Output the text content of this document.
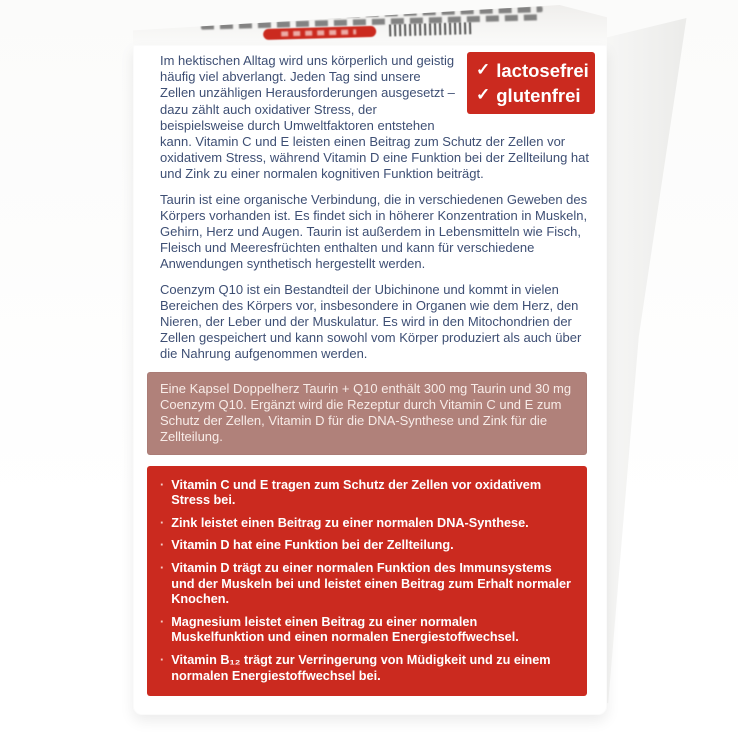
✓ lactosefrei
✓ glutenfrei

Im hektischen Alltag wird uns körperlich und geistig häufig viel abverlangt. Jeden Tag sind unsere Zellen unzähligen Herausforderungen ausgesetzt – dazu zählt auch oxidativer Stress, der beispielsweise durch Umweltfaktoren entstehen kann. Vitamin C und E leisten einen Beitrag zum Schutz der Zellen vor oxidativem Stress, während Vitamin D eine Funktion bei der Zellteilung hat und Zink zu einer normalen kognitiven Funktion beiträgt.

Taurin ist eine organische Verbindung, die in verschiedenen Geweben des Körpers vorhanden ist. Es findet sich in höherer Konzentration in Muskeln, Gehirn, Herz und Augen. Taurin ist außerdem in Lebensmitteln wie Fisch, Fleisch und Meeresfrüchten enthalten und kann für verschiedene Anwendungen synthetisch hergestellt werden.

Coenzym Q10 ist ein Bestandteil der Ubichinone und kommt in vielen Bereichen des Körpers vor, insbesondere in Organen wie dem Herz, den Nieren, der Leber und der Muskulatur. Es wird in den Mitochondrien der Zellen gespeichert und kann sowohl vom Körper produziert als auch über die Nahrung aufgenommen werden.

Eine Kapsel Doppelherz Taurin + Q10 enthält 300 mg Taurin und 30 mg Coenzym Q10. Ergänzt wird die Rezeptur durch Vitamin C und E zum Schutz der Zellen, Vitamin D für die DNA-Synthese und Zink für die Zellteilung.
· Vitamin C und E tragen zum Schutz der Zellen vor oxidativem Stress bei.
· Zink leistet einen Beitrag zu einer normalen DNA-Synthese.
· Vitamin D hat eine Funktion bei der Zellteilung.
· Vitamin D trägt zu einer normalen Funktion des Immunsystems und der Muskeln bei und leistet einen Beitrag zum Erhalt normaler Knochen.
· Magnesium leistet einen Beitrag zu einer normalen Muskelfunktion und einen normalen Energiestoffwechsel.
· Vitamin B₁₂ trägt zur Verringerung von Müdigkeit und zu einem normalen Energiestoffwechsel bei.
